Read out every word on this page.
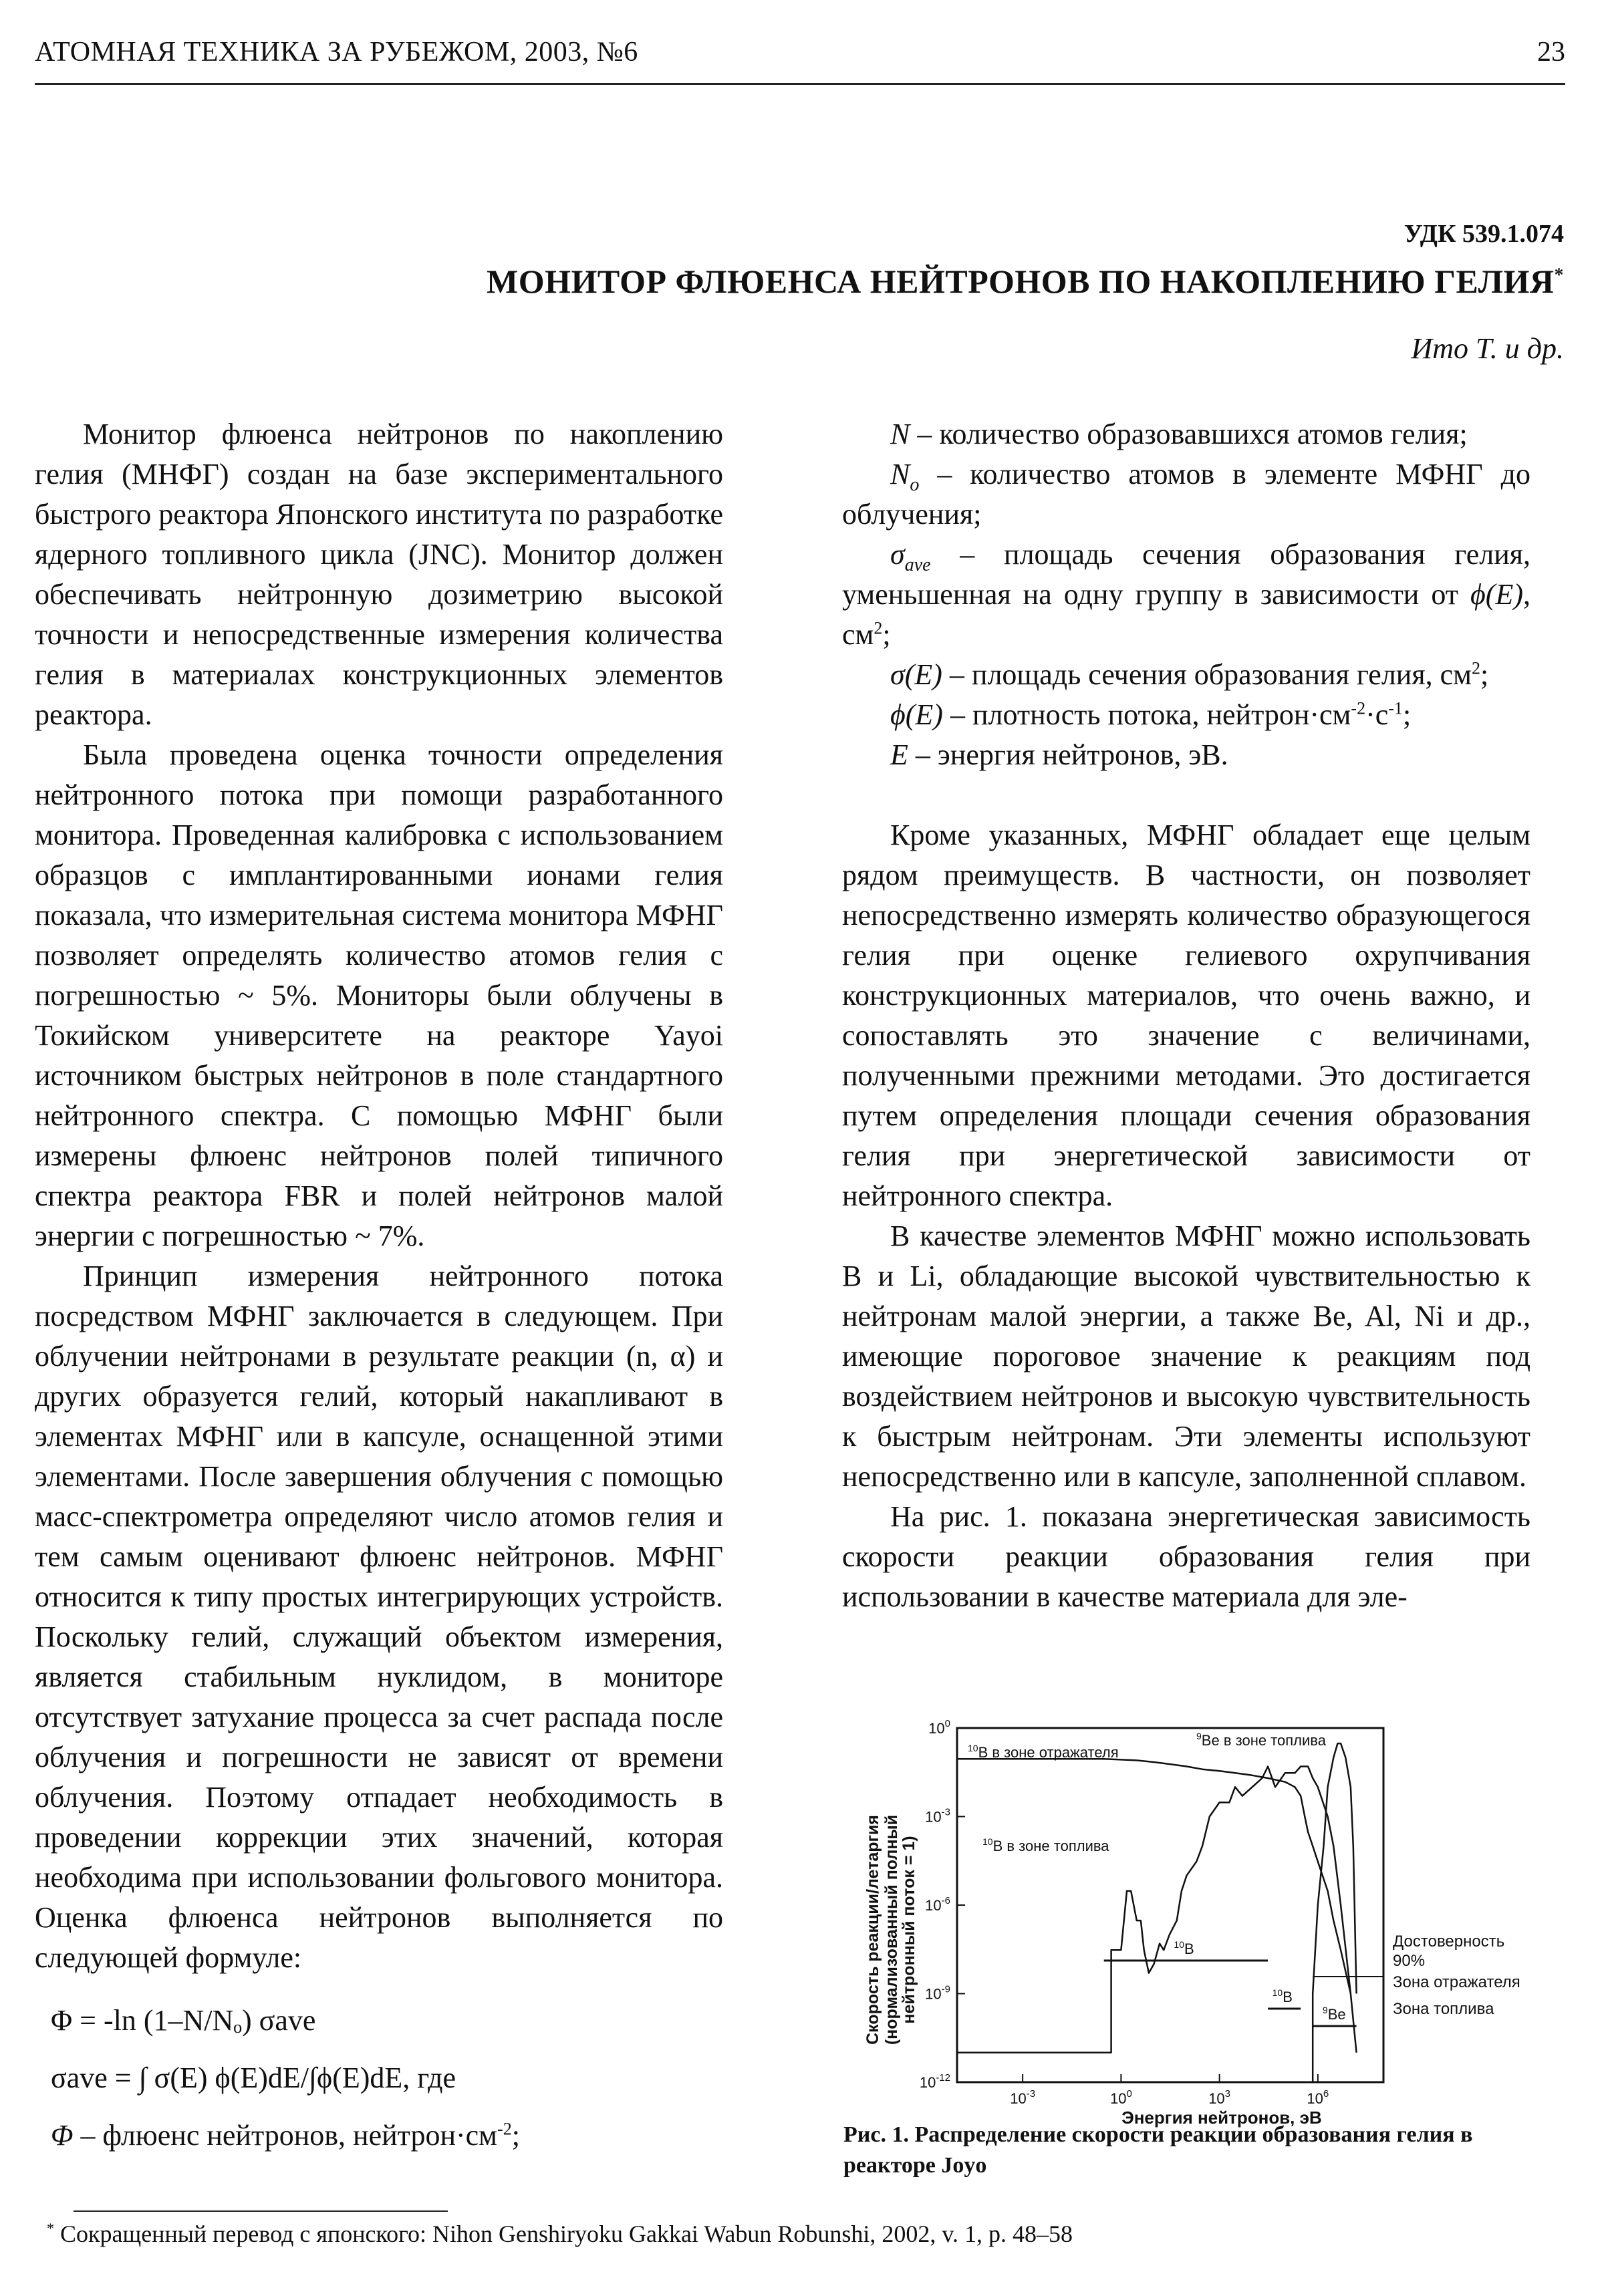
АТОМНАЯ ТЕХНИКА ЗА РУБЕЖОМ, 2003, №6	23
УДК 539.1.074
МОНИТОР ФЛЮЕНСА НЕЙТРОНОВ ПО НАКОПЛЕНИЮ ГЕЛИЯ*
Ито Т. и др.

Монитор флюенса нейтронов по накоплению гелия (МНФГ) создан на базе экспериментального быстрого реактора Японского института по разработке ядерного топливного цикла (JNC). Монитор должен обеспечивать нейтронную дозиметрию высокой точности и непосредственные измерения количества гелия в материалах конструкционных элементов реактора.

Была проведена оценка точности определения нейтронного потока при помощи разработанного монитора. Проведенная калибровка с использованием образцов с имплантированными ионами гелия показала, что измерительная система монитора МФНГ позволяет определять количество атомов гелия с погрешностью ~ 5%. Мониторы были облучены в Токийском университете на реакторе Yayoi источником быстрых нейтронов в поле стандартного нейтронного спектра. С помощью МФНГ были измерены флюенс нейтронов полей типичного спектра реактора FBR и полей нейтронов малой энергии с погрешностью ~ 7%.

Принцип измерения нейтронного потока посредством МФНГ заключается в следующем. При облучении нейтронами в результате реакции (n, α) и других образуется гелий, который накапливают в элементах МФНГ или в капсуле, оснащенной этими элементами. После завершения облучения с помощью масс-спектрометра определяют число атомов гелия и тем самым оценивают флюенс нейтронов. МФНГ относится к типу простых интегрирующих устройств. Поскольку гелий, служащий объектом измерения, является стабильным нуклидом, в мониторе отсутствует затухание процесса за счет распада после облучения и погрешности не зависят от времени облучения. Поэтому отпадает необходимость в проведении коррекции этих значений, которая необходима при использовании фольгового монитора. Оценка флюенса нейтронов выполняется по следующей формуле:

Φ = -ln (1–N/Nₒ) σave

σave = ∫ σ(E) ϕ(E)dE/∫ϕ(E)dE, где

Φ – флюенс нейтронов, $нейтрон\cdot см^{-2}$;

N – количество образовавшихся атомов гелия;

$N_o$ – количество атомов в элементе МФНГ до облучения;

$\sigma_{ave}$ – площадь сечения образования гелия, уменьшенная на одну группу в зависимости от ϕ(E), $см^2$;

σ(E) – площадь сечения образования гелия, $см^2$;

ϕ(E) – плотность потока, $нейтрон\cdot см^{-2}\cdot с^{-1}$;

E – энергия нейтронов, эВ.

Кроме указанных, МФНГ обладает еще целым рядом преимуществ. В частности, он позволяет непосредственно измерять количество образующегося гелия при оценке гелиевого охрупчивания конструкционных материалов, что очень важно, и сопоставлять это значение с величинами, полученными прежними методами. Это достигается путем определения площади сечения образования гелия при энергетической зависимости от нейтронного спектра.

В качестве элементов МФНГ можно использовать B и Li, обладающие высокой чувствительностью к нейтронам малой энергии, а также Be, Al, Ni и др., имеющие пороговое значение к реакциям под воздействием нейтронов и высокую чувствительность к быстрым нейтронам. Эти элементы используют непосредственно или в капсуле, заполненной сплавом.

На рис. 1. показана энергетическая зависимость скорости реакции образования гелия при использовании в качестве материала для эле-

Скорость реакции/летаргия (нормализованный полный
нейтронный поток = 1)
Энергия нейтронов, эВ
Достоверность
90%
Зона отражателя
Зона топлива
$10^{-3}$	$10^0$	$10^3$	$10^6$
$10^0$
$10^{-3}$
$10^{-6}$
$10^{-9}$
$10^{-12}$
$^{10}$B в зоне отражателя
$^9$Be в зоне топлива
$^{10}$B в зоне топлива
$^{10}$B
$^{10}$B
$^9$Be
Рис. 1. Распределение скорости реакции образования гелия в реакторе Joyo
* Сокращенный перевод с японского: Nihon Genshiryoku Gakkai Wabun Robunshi, 2002, v. 1, p. 48–58
